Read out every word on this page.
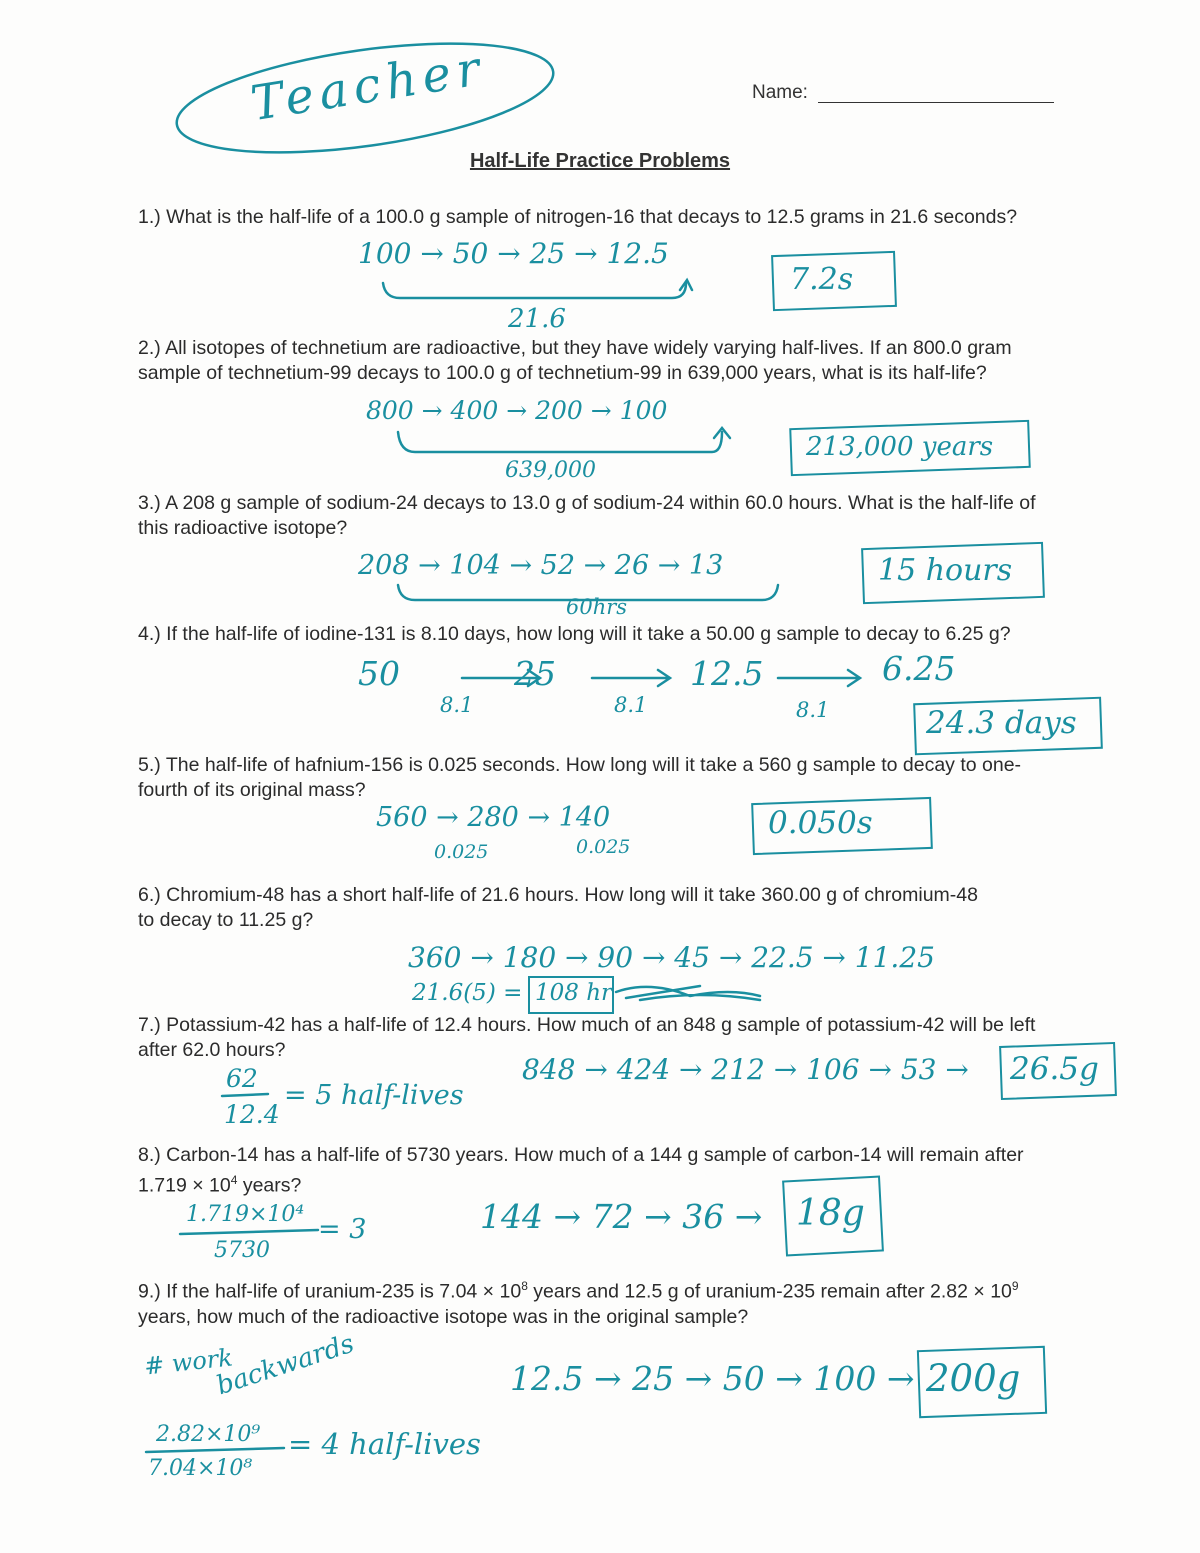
Teacher	Name:
Half-Life Practice Problems
1.) What is the half-life of a 100.0 g sample of nitrogen-16 that decays to 12.5 grams in 21.6 seconds?
100 → 50 → 25 → 12.5
21.6
7.2s
2.) All isotopes of technetium are radioactive, but they have widely varying half-lives. If an 800.0 gram sample of technetium-99 decays to 100.0 g of technetium-99 in 639,000 years, what is its half-life?
800 → 400 → 200 → 100
639,000
213,000 years
3.) A 208 g sample of sodium-24 decays to 13.0 g of sodium-24 within 60.0 hours. What is the half-life of this radioactive isotope?
208 → 104 → 52 → 26 → 13
60hrs
15 hours
4.) If the half-life of iodine-131 is 8.10 days, how long will it take a 50.00 g sample to decay to 6.25 g?
50	25	12.5	6.25
8.1	8.1	8.1	24.3 days
5.) The half-life of hafnium-156 is 0.025 seconds. How long will it take a 560 g sample to decay to one-fourth of its original mass?
560 → 280 → 140
0.025	0.025
0.050s
6.) Chromium-48 has a short half-life of 21.6 hours. How long will it take 360.00 g of chromium-48 to decay to 11.25 g?
360 → 180 → 90 → 45 → 22.5 → 11.25
21.6(5) = 108 hr
7.) Potassium-42 has a half-life of 12.4 hours. How much of an 848 g sample of potassium-42 will be left after 62.0 hours?
62
12.4
= 5 half-lives
848 → 424 → 212 → 106 → 53 → 26.5g
8.) Carbon-14 has a half-life of 5730 years. How much of a 144 g sample of carbon-14 will remain after $1.719 \times 10^4$ years?
1.719×10⁴
5730
= 3	144 → 72 → 36 → 18g
9.) If the half-life of uranium-235 is $7.04 \times 10^8$ years and 12.5 g of uranium-235 remain after $2.82 \times 10^9$ years, how much of the radioactive isotope was in the original sample?
# work
backwards	12.5 → 25 → 50 → 100 → 200g
2.82×10⁹
7.04×10⁸
= 4 half-lives
